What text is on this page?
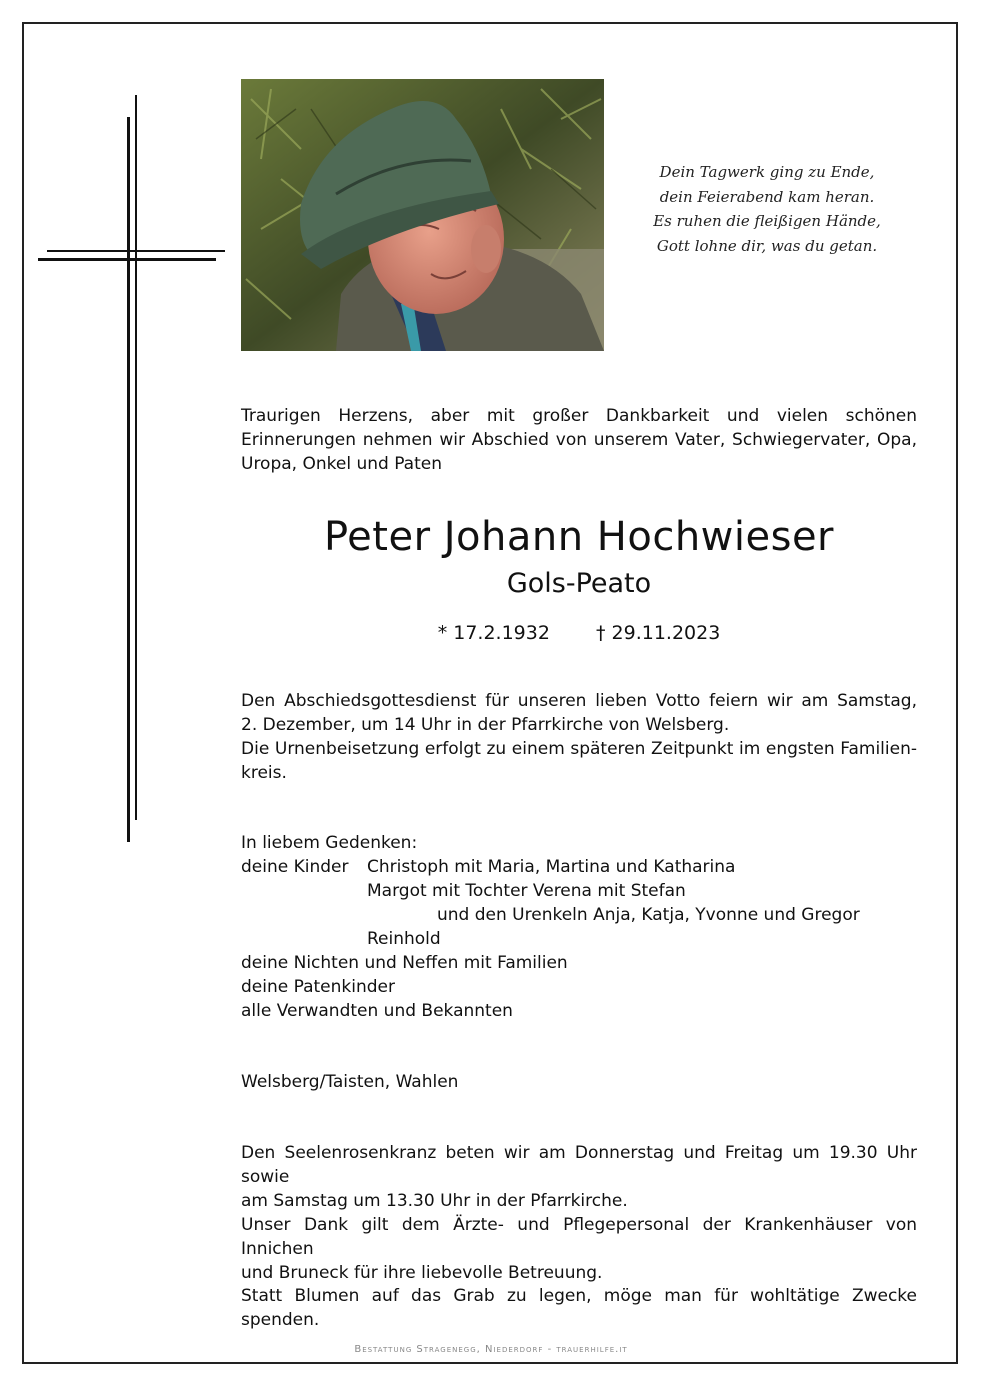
Dein Tagwerk ging zu Ende,
dein Feierabend kam heran.
Es ruhen die fleißigen Hände,
Gott lohne dir, was du getan.
Traurigen Herzens, aber mit großer Dankbarkeit und vielen schönen
Erinnerungen nehmen wir Abschied von unserem Vater, Schwiegervater, Opa,
Uropa, Onkel und Paten
Peter Johann Hochwieser
Gols-Peato
* 17.2.1932 † 29.11.2023
Den Abschiedsgottesdienst für unseren lieben Votto feiern wir am Samstag,
2. Dezember, um 14 Uhr in der Pfarrkirche von Welsberg.
Die Urnenbeisetzung erfolgt zu einem späteren Zeitpunkt im engsten Familien-
kreis.
In liebem Gedenken:
deine Kinder Christoph mit Maria, Martina und Katharina
Margot mit Tochter Verena mit Stefan
und den Urenkeln Anja, Katja, Yvonne und Gregor
Reinhold
deine Nichten und Neffen mit Familien
deine Patenkinder
alle Verwandten und Bekannten
Welsberg/Taisten, Wahlen
Den Seelenrosenkranz beten wir am Donnerstag und Freitag um 19.30 Uhr sowie
am Samstag um 13.30 Uhr in der Pfarrkirche.
Unser Dank gilt dem Ärzte- und Pflegepersonal der Krankenhäuser von Innichen
und Bruneck für ihre liebevolle Betreuung.
Statt Blumen auf das Grab zu legen, möge man für wohltätige Zwecke spenden.
Bestattung Stragenegg, Niederdorf - trauerhilfe.it
